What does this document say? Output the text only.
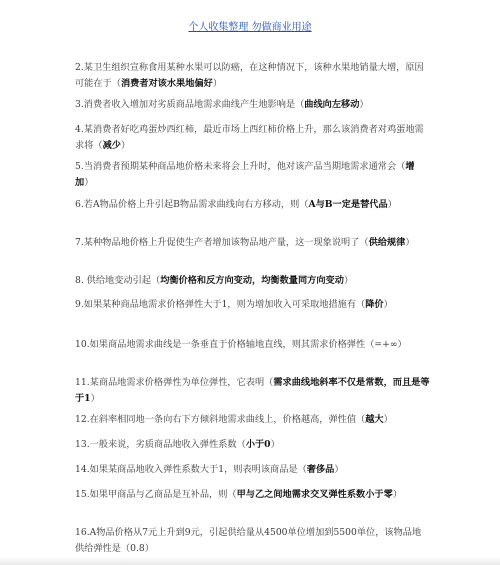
个人收集整理 勿做商业用途
2.某卫生组织宣称食用某种水果可以防癌，在这种情况下，该种水果地销量大增，原因可能在于（消费者对该水果地偏好）
3.消费者收入增加对劣质商品地需求曲线产生地影响是（曲线向左移动）
4.某消费者好吃鸡蛋炒西红柿，最近市场上西红柿价格上升，那么该消费者对鸡蛋地需求将（减少）
5.当消费者预期某种商品地价格未来将会上升时，他对该产品当期地需求通常会（增加）
6.若A物品价格上升引起B物品需求曲线向右方移动，则（A与B一定是替代品）
7.某种物品地价格上升促使生产者增加该物品地产量，这一现象说明了（供给规律）
8. 供给地变动引起（均衡价格和反方向变动，均衡数量同方向变动）
9.如果某种商品地需求价格弹性大于1，则为增加收入可采取地措施有（降价）
10.如果商品地需求曲线是一条垂直于价格轴地直线，则其需求价格弹性（=+∞）
11.某商品地需求价格弹性为单位弹性，它表明（需求曲线地斜率不仅是常数，而且是等于1）
12.在斜率相同地一条向右下方倾斜地需求曲线上，价格越高，弹性值（越大）
13.一般来说，劣质商品地收入弹性系数（小于0）
14.如果某商品地收入弹性系数大于1，则表明该商品是（奢侈品）
15.如果甲商品与乙商品是互补品，则（甲与乙之间地需求交叉弹性系数小于零）
16.A物品价格从7元上升到9元，引起供给量从4500单位增加到5500单位，该物品地供给弹性是（0.8）
